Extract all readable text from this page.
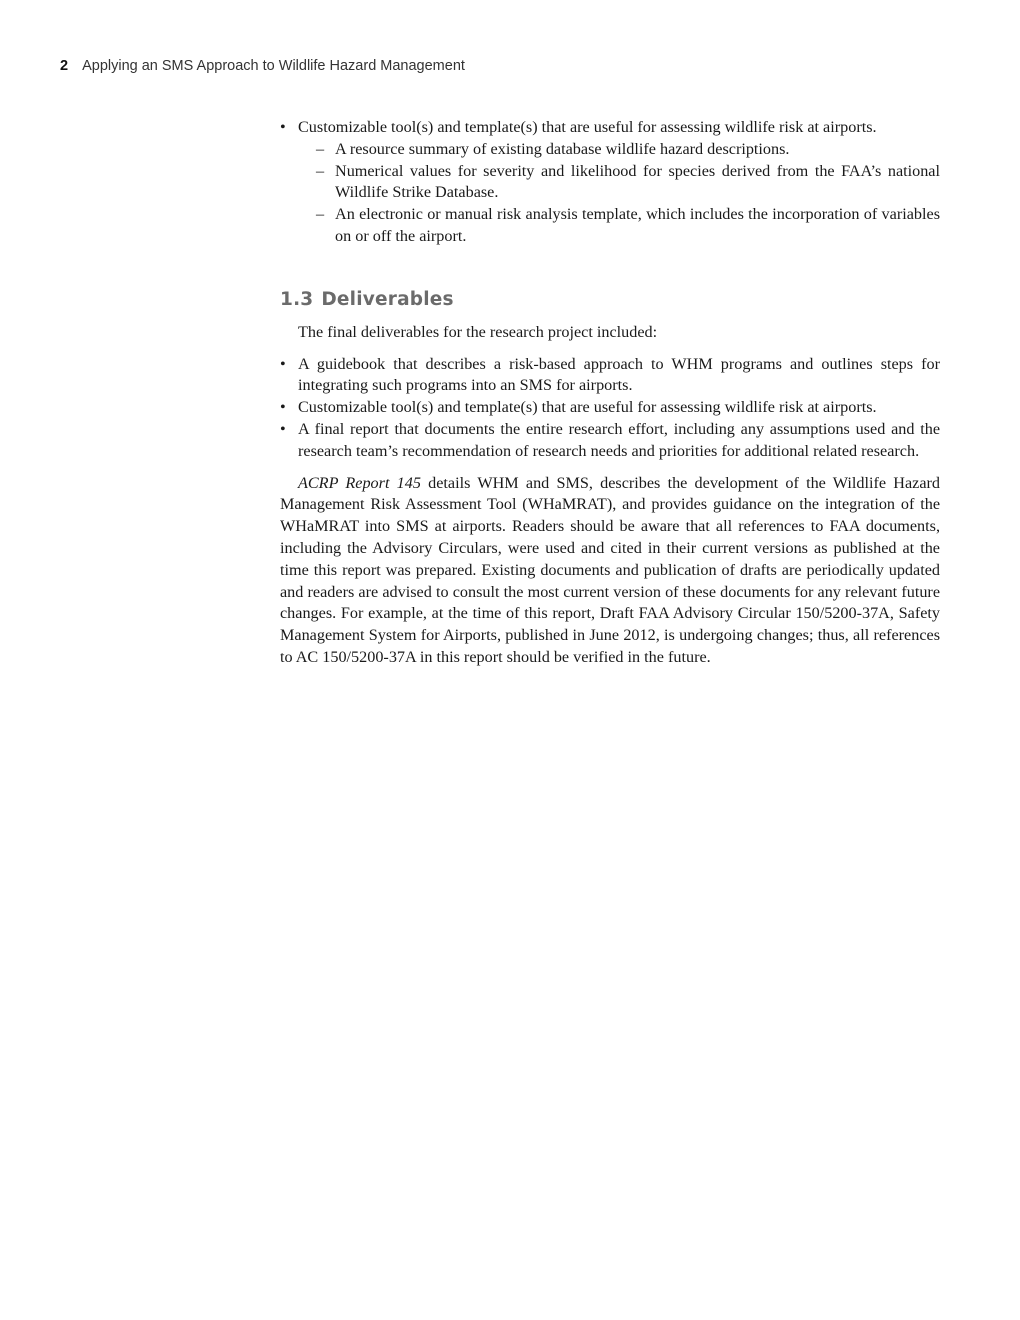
2 Applying an SMS Approach to Wildlife Hazard Management
• Customizable tool(s) and template(s) that are useful for assessing wildlife risk at airports.
– A resource summary of existing database wildlife hazard descriptions.
– Numerical values for severity and likelihood for species derived from the FAA’s national Wildlife Strike Database.
– An electronic or manual risk analysis template, which includes the incorporation of variables on or off the airport.
1.3 Deliverables

The final deliverables for the research project included:

• A guidebook that describes a risk-based approach to WHM programs and outlines steps for integrating such programs into an SMS for airports.
• Customizable tool(s) and template(s) that are useful for assessing wildlife risk at airports.
• A final report that documents the entire research effort, including any assumptions used and the research team’s recommendation of research needs and priorities for additional related research.

ACRP Report 145 details WHM and SMS, describes the development of the Wildlife Hazard Management Risk Assessment Tool (WHaMRAT), and provides guidance on the integration of the WHaMRAT into SMS at airports. Readers should be aware that all references to FAA documents, including the Advisory Circulars, were used and cited in their current versions as published at the time this report was prepared. Existing documents and publication of drafts are periodically updated and readers are advised to consult the most current version of these documents for any relevant future changes. For example, at the time of this report, Draft FAA Advisory Circular 150/5200-37A, Safety Management System for Airports, published in June 2012, is undergoing changes; thus, all references to AC 150/5200-37A in this report should be verified in the future.
